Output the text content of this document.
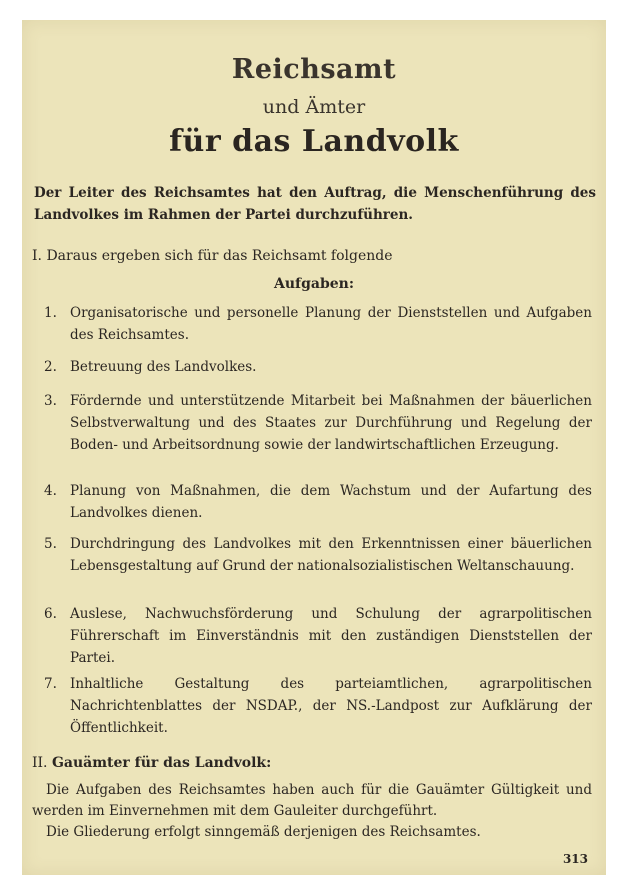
Reichsamt
und Ämter
für das Landvolk
Der Leiter des Reichsamtes hat den Auftrag, die Menschenführung des Landvolkes im Rahmen der Partei durchzuführen.
I. Daraus ergeben sich für das Reichsamt folgende
Aufgaben:
1. Organisatorische und personelle Planung der Dienststellen und Aufgaben des Reichsamtes.
2. Betreuung des Landvolkes.
3. Fördernde und unterstützende Mitarbeit bei Maßnahmen der bäuerlichen Selbstverwaltung und des Staates zur Durchführung und Regelung der Boden- und Arbeitsordnung sowie der landwirtschaftlichen Erzeugung.
4. Planung von Maßnahmen, die dem Wachstum und der Aufartung des Landvolkes dienen.
5. Durchdringung des Landvolkes mit den Erkenntnissen einer bäuerlichen Lebensgestaltung auf Grund der nationalsozialistischen Weltanschauung.
6. Auslese, Nachwuchsförderung und Schulung der agrarpolitischen Führerschaft im Einverständnis mit den zuständigen Dienststellen der Partei.
7. Inhaltliche Gestaltung des parteiamtlichen, agrarpolitischen Nachrichtenblattes der NSDAP., der NS.-Landpost zur Aufklärung der Öffentlichkeit.
II. Gauämter für das Landvolk:
Die Aufgaben des Reichsamtes haben auch für die Gauämter Gültigkeit und werden im Einvernehmen mit dem Gauleiter durchgeführt.
Die Gliederung erfolgt sinngemäß derjenigen des Reichsamtes.
313
